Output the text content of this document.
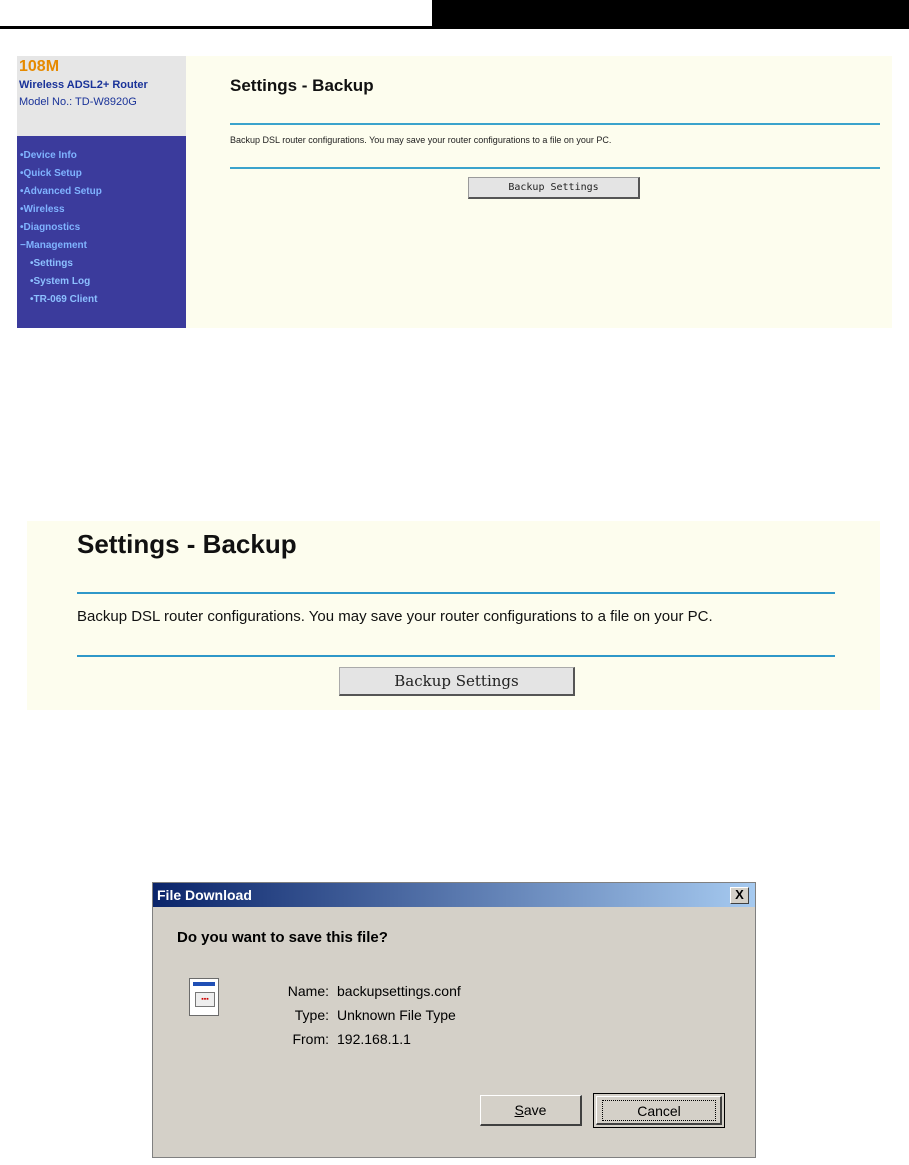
108M
Wireless ADSL2+ Router
Model No.: TD-W8920G
•Device Info
•Quick Setup
•Advanced Setup
•Wireless
•Diagnostics
−Management
•Settings
•System Log
•TR-069 Client
Settings - Backup
Backup DSL router configurations. You may save your router configurations to a file on your PC.
Backup Settings
Settings - Backup
Backup DSL router configurations. You may save your router configurations to a file on your PC.
Backup Settings
File Download	X
Do you want to save this file?
▪▪▪
Name: backupsettings.conf
Type: Unknown File Type
From: 192.168.1.1
S ave	Cancel
